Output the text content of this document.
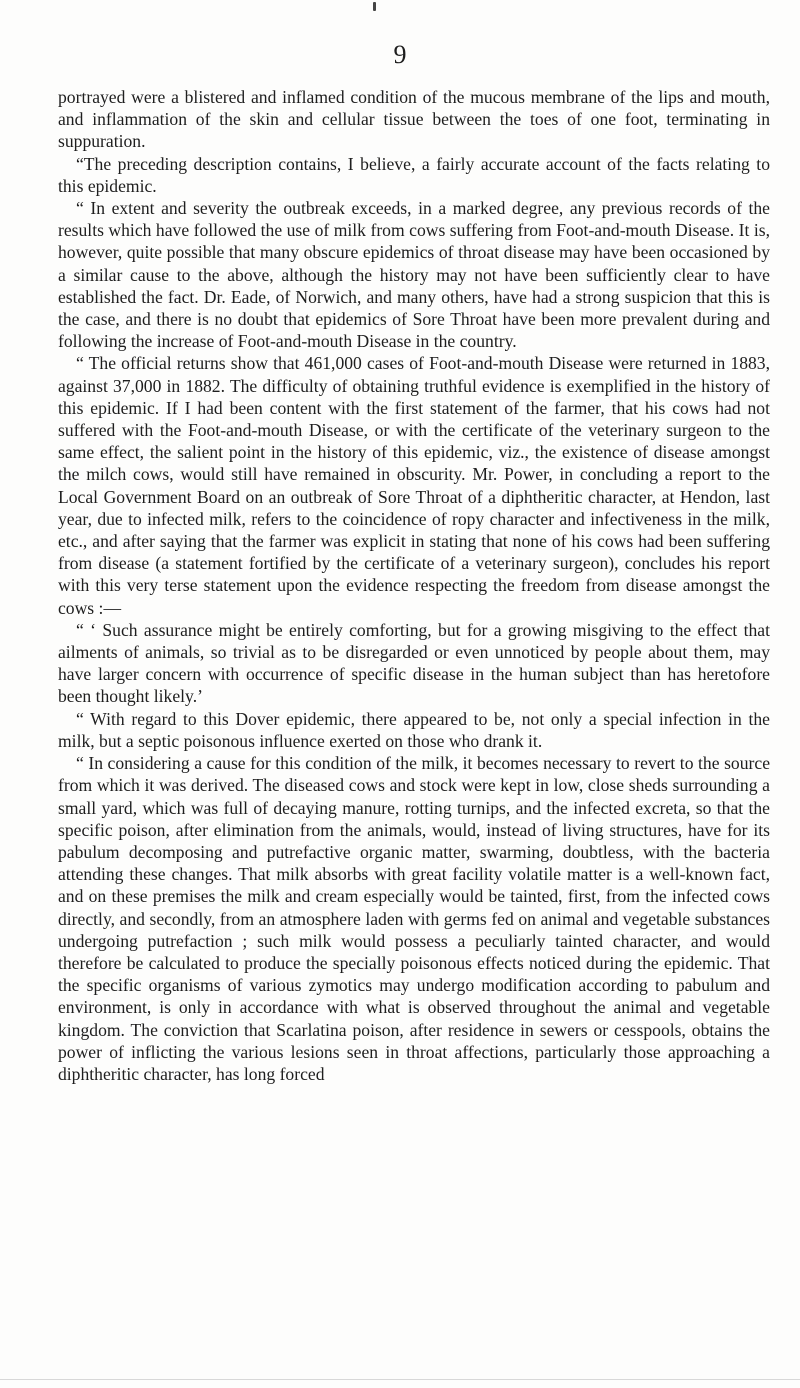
9

portrayed were a blistered and inflamed condition of the mucous membrane of the lips and mouth, and inflammation of the skin and cellular tissue between the toes of one foot, terminating in suppuration.

“The preceding description contains, I believe, a fairly accurate account of the facts relating to this epidemic.

“ In extent and severity the outbreak exceeds, in a marked degree, any previous records of the results which have followed the use of milk from cows suffering from Foot-and-mouth Disease. It is, however, quite possible that many obscure epidemics of throat disease may have been occasioned by a similar cause to the above, although the history may not have been sufficiently clear to have established the fact. Dr. Eade, of Norwich, and many others, have had a strong suspicion that this is the case, and there is no doubt that epidemics of Sore Throat have been more prevalent during and following the increase of Foot-and-mouth Disease in the country.

“ The official returns show that 461,000 cases of Foot-and-mouth Disease were returned in 1883, against 37,000 in 1882. The difficulty of obtaining truthful evidence is exemplified in the history of this epidemic. If I had been content with the first statement of the farmer, that his cows had not suffered with the Foot-and-mouth Disease, or with the certificate of the veterinary surgeon to the same effect, the salient point in the history of this epidemic, viz., the existence of disease amongst the milch cows, would still have remained in obscurity. Mr. Power, in concluding a report to the Local Government Board on an outbreak of Sore Throat of a diphtheritic character, at Hendon, last year, due to infected milk, refers to the coincidence of ropy character and infectiveness in the milk, etc., and after saying that the farmer was explicit in stating that none of his cows had been suffering from disease (a statement fortified by the certificate of a veterinary surgeon), concludes his report with this very terse statement upon the evidence respecting the freedom from disease amongst the cows :—

“ ‘ Such assurance might be entirely comforting, but for a growing misgiving to the effect that ailments of animals, so trivial as to be disregarded or even unnoticed by people about them, may have larger concern with occurrence of specific disease in the human subject than has heretofore been thought likely.’

“ With regard to this Dover epidemic, there appeared to be, not only a special infection in the milk, but a septic poisonous influence exerted on those who drank it.

“ In considering a cause for this condition of the milk, it becomes necessary to revert to the source from which it was derived. The diseased cows and stock were kept in low, close sheds surrounding a small yard, which was full of decaying manure, rotting turnips, and the infected excreta, so that the specific poison, after elimination from the animals, would, instead of living structures, have for its pabulum decomposing and putrefactive organic matter, swarming, doubtless, with the bacteria attending these changes. That milk absorbs with great facility volatile matter is a well-known fact, and on these premises the milk and cream especially would be tainted, first, from the infected cows directly, and secondly, from an atmosphere laden with germs fed on animal and vegetable substances undergoing putrefaction ; such milk would possess a peculiarly tainted character, and would therefore be calculated to produce the specially poisonous effects noticed during the epidemic. That the specific organisms of various zymotics may undergo modification according to pabulum and environment, is only in accordance with what is observed throughout the animal and vegetable kingdom. The conviction that Scarlatina poison, after residence in sewers or cesspools, obtains the power of inflicting the various lesions seen in throat affections, particularly those approaching a diphtheritic character, has long forced
